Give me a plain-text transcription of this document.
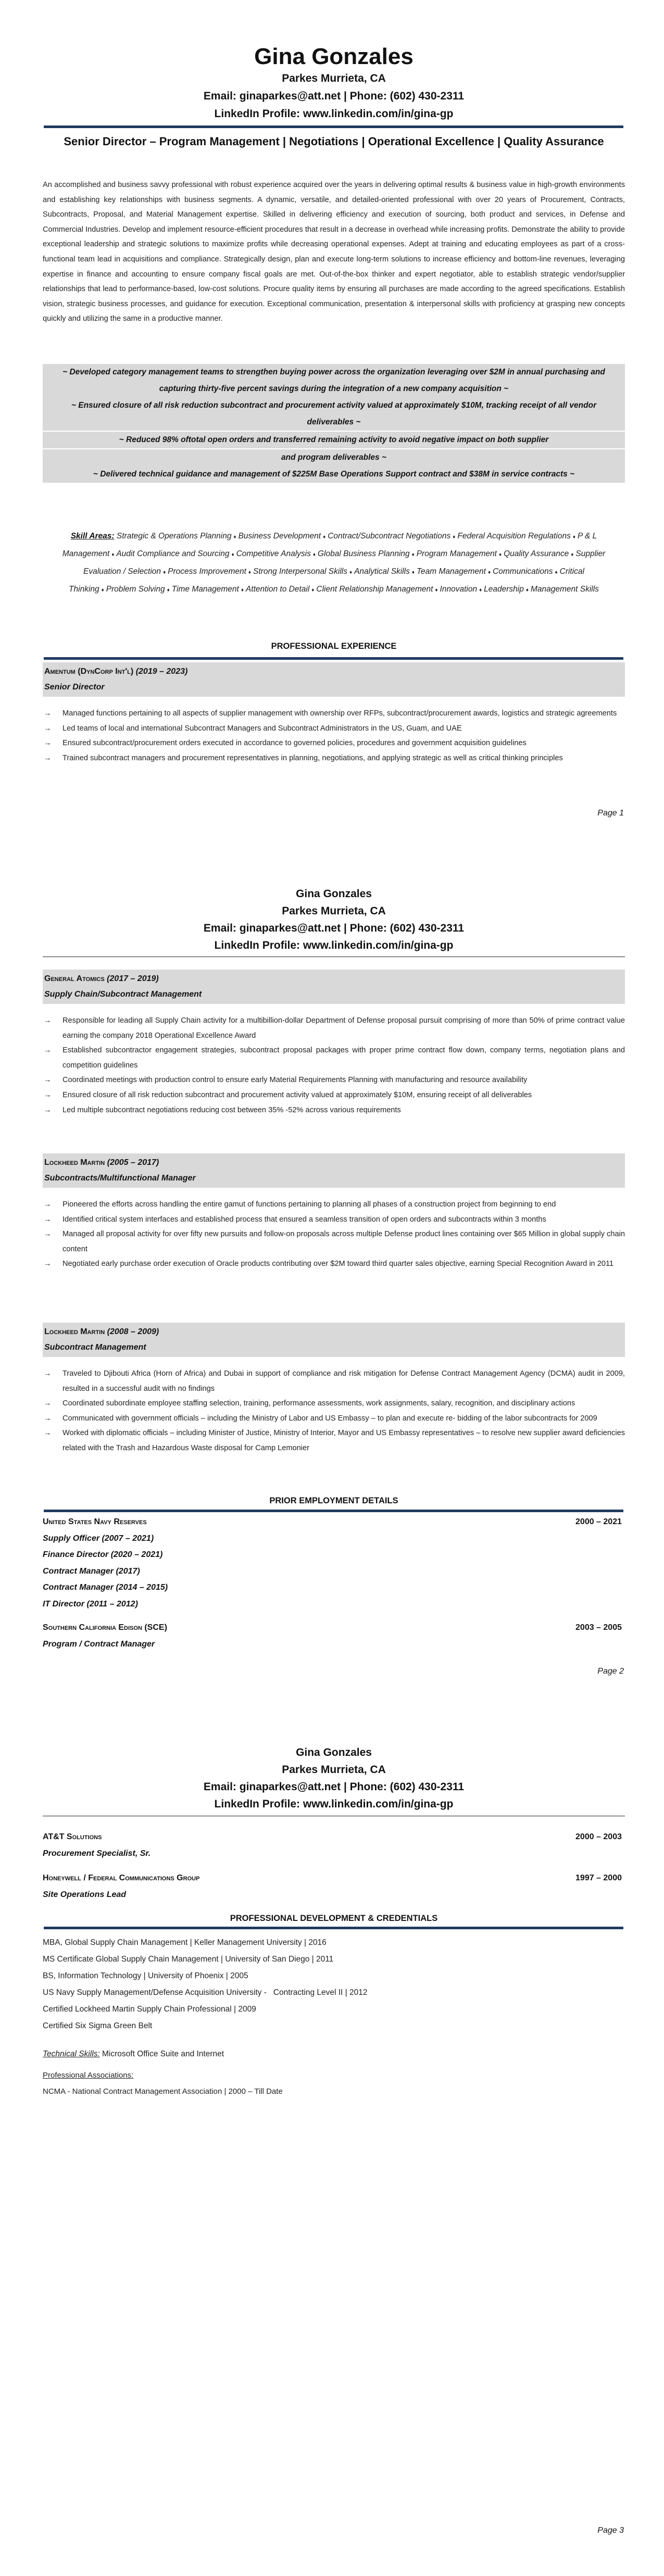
Gina Gonzales
Parkes Murrieta, CA
Email: ginaparkes@att.net | Phone: (602) 430-2311
LinkedIn Profile: www.linkedin.com/in/gina-gp
Senior Director – Program Management | Negotiations | Operational Excellence | Quality Assurance
An accomplished and business savvy professional with robust experience acquired over the years in delivering optimal results & business value in high-growth environments and establishing key relationships with business segments. A dynamic, versatile, and detailed-oriented professional with over 20 years of Procurement, Contracts, Subcontracts, Proposal, and Material Management expertise. Skilled in delivering efficiency and execution of sourcing, both product and services, in Defense and Commercial Industries. Develop and implement resource-efficient procedures that result in a decrease in overhead while increasing profits. Demonstrate the ability to provide exceptional leadership and strategic solutions to maximize profits while decreasing operational expenses. Adept at training and educating employees as part of a cross-functional team lead in acquisitions and compliance. Strategically design, plan and execute long-term solutions to increase efficiency and bottom-line revenues, leveraging expertise in finance and accounting to ensure company fiscal goals are met. Out-of-the-box thinker and expert negotiator, able to establish strategic vendor/supplier relationships that lead to performance-based, low-cost solutions. Procure quality items by ensuring all purchases are made according to the agreed specifications. Establish vision, strategic business processes, and guidance for execution. Exceptional communication, presentation & interpersonal skills with proficiency at grasping new concepts quickly and utilizing the same in a productive manner.
~ Developed category management teams to strengthen buying power across the organization leveraging over $2M in annual purchasing and capturing thirty-five percent savings during the integration of a new company acquisition ~
~ Ensured closure of all risk reduction subcontract and procurement activity valued at approximately $10M, tracking receipt of all vendor deliverables ~
~ Reduced 98% oftotal open orders and transferred remaining activity to avoid negative impact on both supplier
and program deliverables ~
~ Delivered technical guidance and management of $225M Base Operations Support contract and $38M in service contracts ~
Skill Areas: Strategic & Operations Planning ♦ Business Development ♦ Contract/Subcontract Negotiations ♦ Federal Acquisition Regulations ♦ P & L Management ♦ Audit Compliance and Sourcing ♦ Competitive Analysis ♦ Global Business Planning ♦ Program Management ♦ Quality Assurance ♦ Supplier Evaluation / Selection ♦ Process Improvement ♦ Strong Interpersonal Skills ♦ Analytical Skills ♦ Team Management ♦ Communications ♦ Critical Thinking ♦ Problem Solving ♦ Time Management ♦ Attention to Detail ♦ Client Relationship Management ♦ Innovation ♦ Leadership ♦ Management Skills
PROFESSIONAL EXPERIENCE
Amentum (DynCorp Int'l) (2019 – 2023)
Senior Director
→ Managed functions pertaining to all aspects of supplier management with ownership over RFPs, subcontract/procurement awards, logistics and strategic agreements
→ Led teams of local and international Subcontract Managers and Subcontract Administrators in the US, Guam, and UAE
→ Ensured subcontract/procurement orders executed in accordance to governed policies, procedures and government acquisition guidelines
→ Trained subcontract managers and procurement representatives in planning, negotiations, and applying strategic as well as critical thinking principles
Page 1
Gina Gonzales
Parkes Murrieta, CA
Email: ginaparkes@att.net | Phone: (602) 430-2311
LinkedIn Profile: www.linkedin.com/in/gina-gp
General Atomics (2017 – 2019)
Supply Chain/Subcontract Management
→ Responsible for leading all Supply Chain activity for a multibillion-dollar Department of Defense proposal pursuit comprising of more than 50% of prime contract value earning the company 2018 Operational Excellence Award
→ Established subcontractor engagement strategies, subcontract proposal packages with proper prime contract flow down, company terms, negotiation plans and competition guidelines
→ Coordinated meetings with production control to ensure early Material Requirements Planning with manufacturing and resource availability
→ Ensured closure of all risk reduction subcontract and procurement activity valued at approximately $10M, ensuring receipt of all deliverables
→ Led multiple subcontract negotiations reducing cost between 35% -52% across various requirements
Lockheed Martin (2005 – 2017)
Subcontracts/Multifunctional Manager
→ Pioneered the efforts across handling the entire gamut of functions pertaining to planning all phases of a construction project from beginning to end
→ Identified critical system interfaces and established process that ensured a seamless transition of open orders and subcontracts within 3 months
→ Managed all proposal activity for over fifty new pursuits and follow-on proposals across multiple Defense product lines containing over $65 Million in global supply chain content
→ Negotiated early purchase order execution of Oracle products contributing over $2M toward third quarter sales objective, earning Special Recognition Award in 2011
Lockheed Martin (2008 – 2009)
Subcontract Management
→ Traveled to Djibouti Africa (Horn of Africa) and Dubai in support of compliance and risk mitigation for Defense Contract Management Agency (DCMA) audit in 2009, resulted in a successful audit with no findings
→ Coordinated subordinate employee staffing selection, training, performance assessments, work assignments, salary, recognition, and disciplinary actions
→ Communicated with government officials – including the Ministry of Labor and US Embassy – to plan and execute re- bidding of the labor subcontracts for 2009
→ Worked with diplomatic officials – including Minister of Justice, Ministry of Interior, Mayor and US Embassy representatives – to resolve new supplier award deficiencies related with the Trash and Hazardous Waste disposal for Camp Lemonier
PRIOR EMPLOYMENT DETAILS
United States Navy Reserves	2000 – 2021
Supply Officer (2007 – 2021)
Finance Director (2020 – 2021)
Contract Manager (2017)
Contract Manager (2014 – 2015)
IT Director (2011 – 2012)
Southern California Edison (SCE)	2003 – 2005
Program / Contract Manager
Page 2
Gina Gonzales
Parkes Murrieta, CA
Email: ginaparkes@att.net | Phone: (602) 430-2311
LinkedIn Profile: www.linkedin.com/in/gina-gp
AT&T Solutions	2000 – 2003
Procurement Specialist, Sr.
Honeywell / Federal Communications Group	1997 – 2000
Site Operations Lead
PROFESSIONAL DEVELOPMENT & CREDENTIALS
MBA, Global Supply Chain Management | Keller Management University | 2016
MS Certificate Global Supply Chain Management | University of San Diego | 2011
BS, Information Technology | University of Phoenix | 2005
US Navy Supply Management/Defense Acquisition University -   Contracting Level II | 2012
Certified Lockheed Martin Supply Chain Professional | 2009
Certified Six Sigma Green Belt
Technical Skills: Microsoft Office Suite and Internet
Professional Associations:
NCMA - National Contract Management Association | 2000 – Till Date
Page 3
